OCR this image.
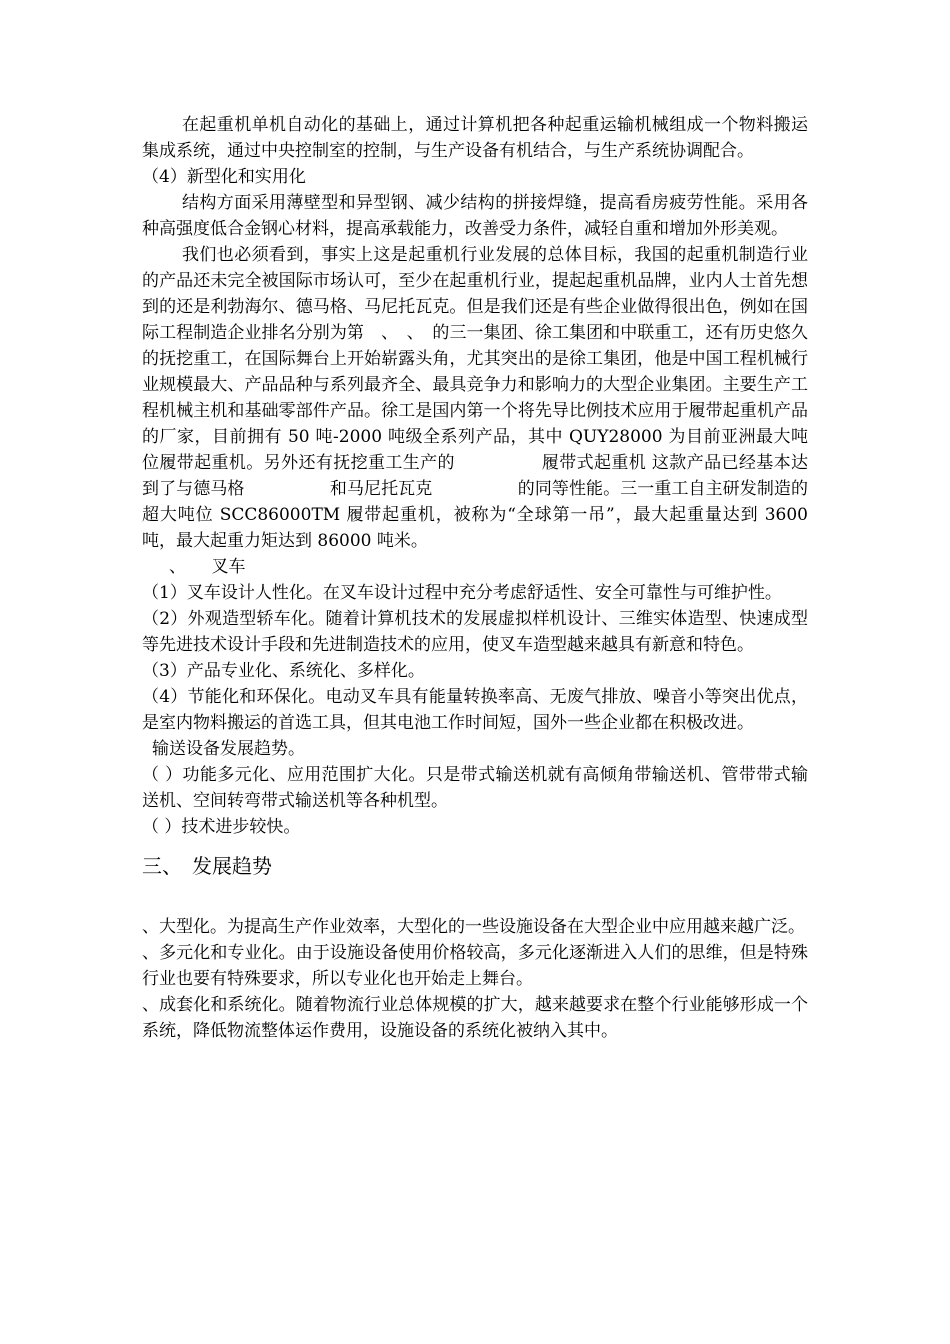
在起重机单机自动化的基础上，通过计算机把各种起重运输机械组成一个物料搬运集成系统，通过中央控制室的控制，与生产设备有机结合，与生产系统协调配合。

（4）新型化和实用化

结构方面采用薄壁型和异型钢、减少结构的拼接焊缝，提高看房疲劳性能。采用各种高强度低合金钢心材料，提高承载能力，改善受力条件，减轻自重和增加外形美观。

我们也必须看到，事实上这是起重机行业发展的总体目标，我国的起重机制造行业的产品还未完全被国际市场认可，至少在起重机行业，提起起重机品牌，业内人士首先想到的还是利勃海尔、德马格、马尼托瓦克。但是我们还是有些企业做得很出色，例如在国际工程制造企业排名分别为第　、　、　的三一集团、徐工集团和中联重工，还有历史悠久的抚挖重工，在国际舞台上开始崭露头角，尤其突出的是徐工集团，他是中国工程机械行业规模最大、产品品种与系列最齐全、最具竞争力和影响力的大型企业集团。主要生产工程机械主机和基础零部件产品。徐工是国内第一个将先导比例技术应用于履带起重机产品的厂家，目前拥有 50 吨-2000 吨级全系列产品，其中 QUY28000 为目前亚洲最大吨位履带起重机。另外还有抚挖重工生产的　　　　　履带式起重机 这款产品已经基本达到了与德马格　　　　　和马尼托瓦克　　　　　的同等性能。三一重工自主研发制造的超大吨位 SCC86000TM 履带起重机，被称为“全球第一吊”，最大起重量达到 3600 吨，最大起重力矩达到 86000 吨米。

　、　　叉车

（1）叉车设计人性化。在叉车设计过程中充分考虑舒适性、安全可靠性与可维护性。

（2）外观造型轿车化。随着计算机技术的发展虚拟样机设计、三维实体造型、快速成型等先进技术设计手段和先进制造技术的应用，使叉车造型越来越具有新意和特色。

（3）产品专业化、系统化、多样化。

（4）节能化和环保化。电动叉车具有能量转换率高、无废气排放、噪音小等突出优点，是室内物料搬运的首选工具，但其电池工作时间短，国外一些企业都在积极改进。

输送设备发展趋势。

（ ）功能多元化、应用范围扩大化。只是带式输送机就有高倾角带输送机、管带带式输送机、空间转弯带式输送机等各种机型。

（ ）技术进步较快。

三、　发展趋势

、大型化。为提高生产作业效率，大型化的一些设施设备在大型企业中应用越来越广泛。

、多元化和专业化。由于设施设备使用价格较高，多元化逐渐进入人们的思维，但是特殊行业也要有特殊要求，所以专业化也开始走上舞台。

、成套化和系统化。随着物流行业总体规模的扩大，越来越要求在整个行业能够形成一个系统，降低物流整体运作费用，设施设备的系统化被纳入其中。
